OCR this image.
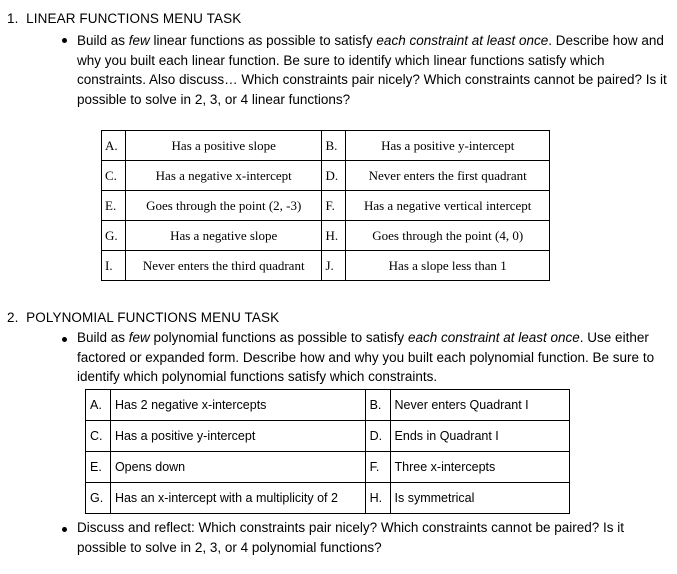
1. LINEAR FUNCTIONS MENU TASK
Build as few linear functions as possible to satisfy each constraint at least once. Describe how and why you built each linear function. Be sure to identify which linear functions satisfy which constraints. Also discuss… Which constraints pair nicely? Which constraints cannot be paired? Is it possible to solve in 2, 3, or 4 linear functions?
A.	Has a positive slope	B.	Has a positive y-intercept
C.	Has a negative x-intercept	D.	Never enters the first quadrant
E.	Goes through the point (2, -3)	F.	Has a negative vertical intercept
G.	Has a negative slope	H.	Goes through the point (4, 0)
I.	Never enters the third quadrant	J.	Has a slope less than 1
2. POLYNOMIAL FUNCTIONS MENU TASK
Build as few polynomial functions as possible to satisfy each constraint at least once. Use either factored or expanded form. Describe how and why you built each polynomial function. Be sure to identify which polynomial functions satisfy which constraints.
A.	Has 2 negative x-intercepts	B.	Never enters Quadrant I
C.	Has a positive y-intercept	D.	Ends in Quadrant I
E.	Opens down	F.	Three x-intercepts
G.	Has an x-intercept with a multiplicity of 2	H.	Is symmetrical
Discuss and reflect: Which constraints pair nicely? Which constraints cannot be paired? Is it possible to solve in 2, 3, or 4 polynomial functions?
